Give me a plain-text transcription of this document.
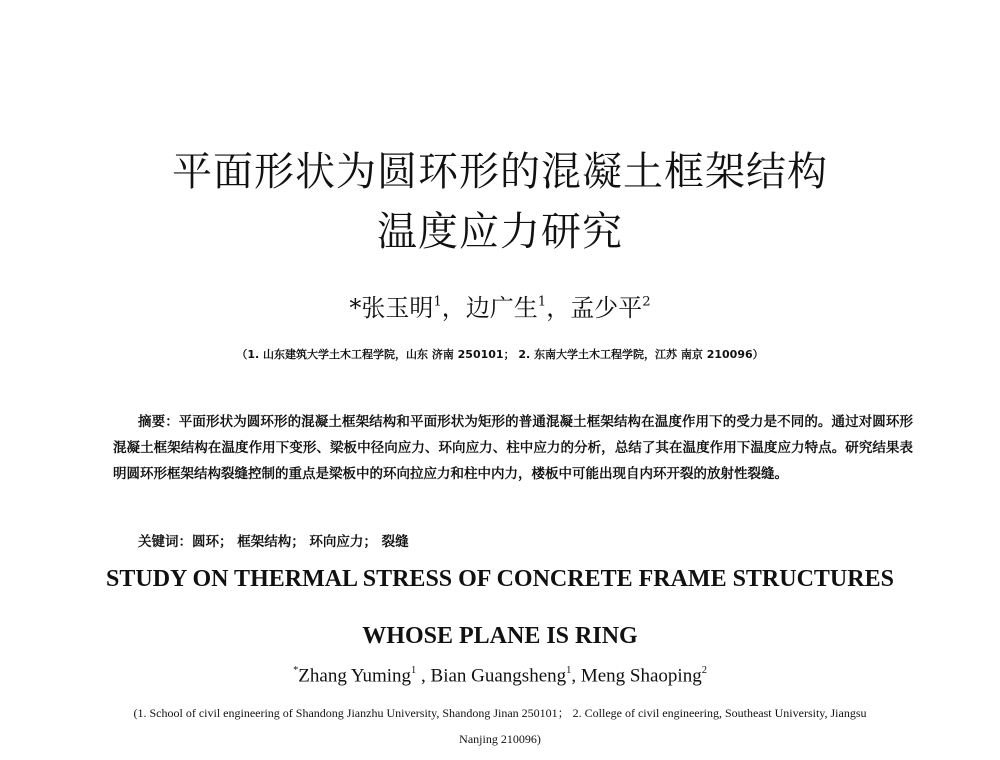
平面形状为圆环形的混凝土框架结构
温度应力研究
*张玉明$^1$，边广生$^1$，孟少平$^2$
（1. 山东建筑大学土木工程学院，山东 济南 250101； 2. 东南大学土木工程学院，江苏 南京 210096）
摘要：平面形状为圆环形的混凝土框架结构和平面形状为矩形的普通混凝土框架结构在温度作用下的受力是不同的。通过对圆环形混凝土框架结构在温度作用下变形、梁板中径向应力、环向应力、柱中应力的分析，总结了其在温度作用下温度应力特点。研究结果表明圆环形框架结构裂缝控制的重点是梁板中的环向拉应力和柱中内力，楼板中可能出现自内环开裂的放射性裂缝。
关键词：圆环； 框架结构； 环向应力； 裂缝
STUDY ON THERMAL STRESS OF CONCRETE FRAME STRUCTURES
WHOSE PLANE IS RING
*Zhang Yuming$^1$ , Bian Guangsheng$^1$, Meng Shaoping$^2$
(1. School of civil engineering of Shandong Jianzhu University, Shandong Jinan 250101； 2. College of civil engineering, Southeast University, Jiangsu
Nanjing 210096)
